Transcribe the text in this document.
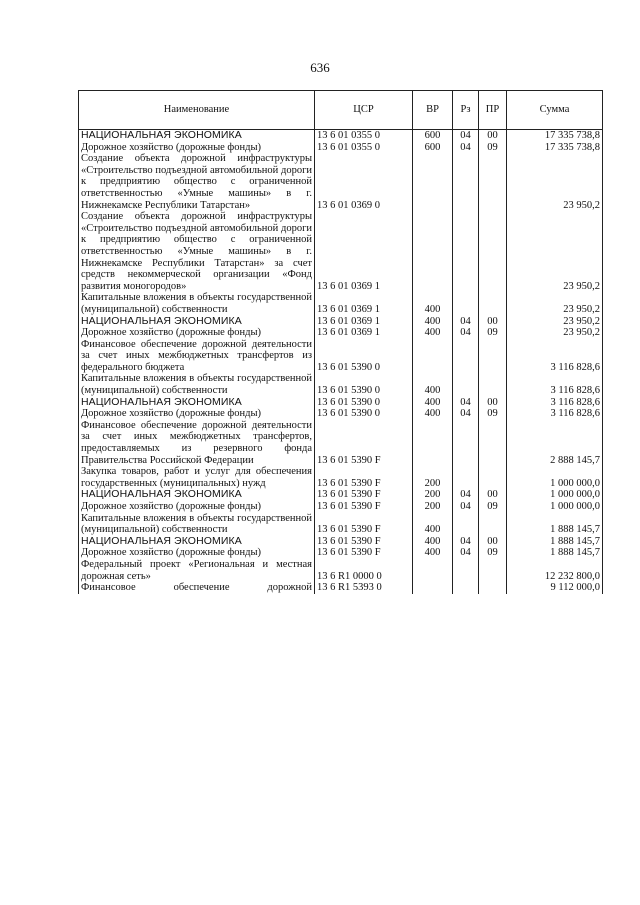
636
Наименование	ЦСР	ВР	Рз	ПР	Сумма
НАЦИОНАЛЬНАЯ ЭКОНОМИКА	13 6 01 0355 0	600	04	00	17 335 738,8
Дорожное хозяйство (дорожные фонды)	13 6 01 0355 0	600	04	09	17 335 738,8
Создание объекта дорожной инфраструктуры «Строительство подъездной автомобильной дороги к предприятию общество с ограниченной ответственностью «Умные машины» в г. Нижнекамске Республики Татарстан»	13 6 01 0369 0				23 950,2
Создание объекта дорожной инфраструктуры «Строительство подъездной автомобильной дороги к предприятию общество с ограниченной ответственностью «Умные машины» в г. Нижнекамске Республики Татарстан» за счет средств некоммерческой организации «Фонд развития моногородов»	13 6 01 0369 1				23 950,2
Капитальные вложения в объекты государственной (муниципальной) собственности	13 6 01 0369 1	400			23 950,2
НАЦИОНАЛЬНАЯ ЭКОНОМИКА	13 6 01 0369 1	400	04	00	23 950,2
Дорожное хозяйство (дорожные фонды)	13 6 01 0369 1	400	04	09	23 950,2
Финансовое обеспечение дорожной деятельности за счет иных межбюджетных трансфертов из федерального бюджета	13 6 01 5390 0				3 116 828,6
Капитальные вложения в объекты государственной (муниципальной) собственности	13 6 01 5390 0	400			3 116 828,6
НАЦИОНАЛЬНАЯ ЭКОНОМИКА	13 6 01 5390 0	400	04	00	3 116 828,6
Дорожное хозяйство (дорожные фонды)	13 6 01 5390 0	400	04	09	3 116 828,6
Финансовое обеспечение дорожной деятельности за счет иных межбюджетных трансфертов, предоставляемых из резервного фонда Правительства Российской Федерации	13 6 01 5390 F				2 888 145,7
Закупка товаров, работ и услуг для обеспечения государственных (муниципальных) нужд	13 6 01 5390 F	200			1 000 000,0
НАЦИОНАЛЬНАЯ ЭКОНОМИКА	13 6 01 5390 F	200	04	00	1 000 000,0
Дорожное хозяйство (дорожные фонды)	13 6 01 5390 F	200	04	09	1 000 000,0
Капитальные вложения в объекты государственной (муниципальной) собственности	13 6 01 5390 F	400			1 888 145,7
НАЦИОНАЛЬНАЯ ЭКОНОМИКА	13 6 01 5390 F	400	04	00	1 888 145,7
Дорожное хозяйство (дорожные фонды)	13 6 01 5390 F	400	04	09	1 888 145,7
Федеральный проект «Региональная и местная дорожная сеть»	13 6 R1 0000 0				12 232 800,0
Финансовое обеспечение дорожной	13 6 R1 5393 0				9 112 000,0
